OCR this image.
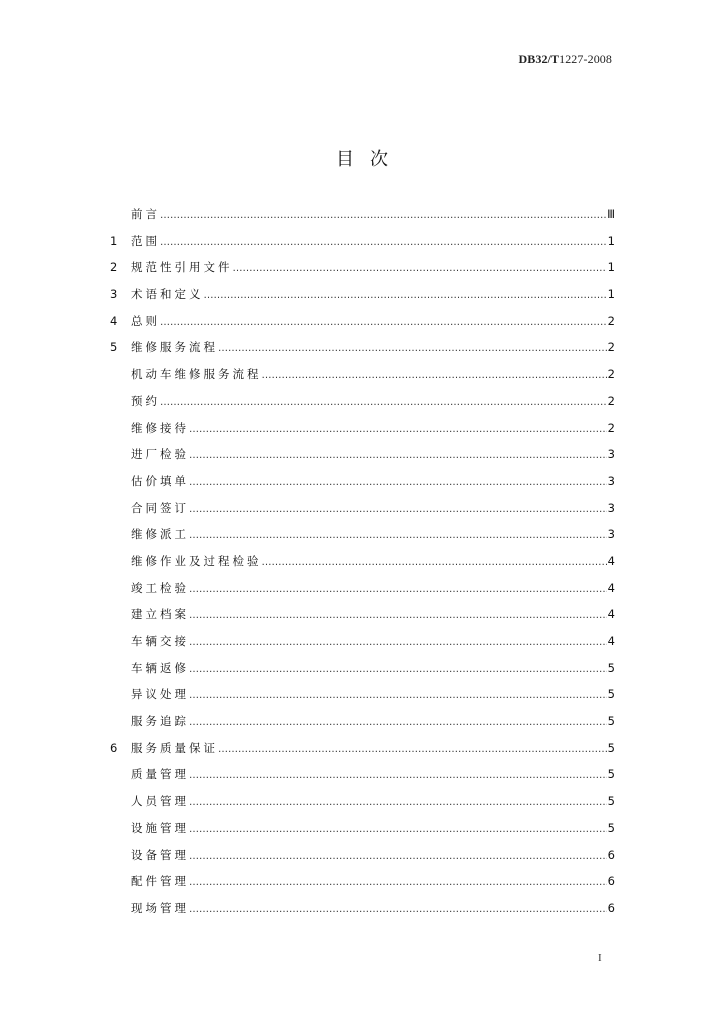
DB32/T1227-2008
目次
前言 …………………………………………………………………………………………………………………………………………………………………………………………………………………………	Ⅲ
1	范围 …………………………………………………………………………………………………………………………………………………………………………………………………………………………	1
2	规范性引用文件 …………………………………………………………………………………………………………………………………………………………………………………………………………………………	1
3	术语和定义 …………………………………………………………………………………………………………………………………………………………………………………………………………………………	1
4	总则 …………………………………………………………………………………………………………………………………………………………………………………………………………………………	2
5	维修服务流程 …………………………………………………………………………………………………………………………………………………………………………………………………………………………	2
机动车维修服务流程 …………………………………………………………………………………………………………………………………………………………………………………………………………………………	2
预约 …………………………………………………………………………………………………………………………………………………………………………………………………………………………	2
维修接待 …………………………………………………………………………………………………………………………………………………………………………………………………………………………	2
进厂检验 …………………………………………………………………………………………………………………………………………………………………………………………………………………………	3
估价填单 …………………………………………………………………………………………………………………………………………………………………………………………………………………………	3
合同签订 …………………………………………………………………………………………………………………………………………………………………………………………………………………………	3
维修派工 …………………………………………………………………………………………………………………………………………………………………………………………………………………………	3
维修作业及过程检验 …………………………………………………………………………………………………………………………………………………………………………………………………………………………	4
竣工检验 …………………………………………………………………………………………………………………………………………………………………………………………………………………………	4
建立档案 …………………………………………………………………………………………………………………………………………………………………………………………………………………………	4
车辆交接 …………………………………………………………………………………………………………………………………………………………………………………………………………………………	4
车辆返修 …………………………………………………………………………………………………………………………………………………………………………………………………………………………	5
异议处理 …………………………………………………………………………………………………………………………………………………………………………………………………………………………	5
服务追踪 …………………………………………………………………………………………………………………………………………………………………………………………………………………………	5
6	服务质量保证 …………………………………………………………………………………………………………………………………………………………………………………………………………………………	5
质量管理 …………………………………………………………………………………………………………………………………………………………………………………………………………………………	5
人员管理 …………………………………………………………………………………………………………………………………………………………………………………………………………………………	5
设施管理 …………………………………………………………………………………………………………………………………………………………………………………………………………………………	5
设备管理 …………………………………………………………………………………………………………………………………………………………………………………………………………………………	6
配件管理 …………………………………………………………………………………………………………………………………………………………………………………………………………………………	6
现场管理 …………………………………………………………………………………………………………………………………………………………………………………………………………………………	6
I
